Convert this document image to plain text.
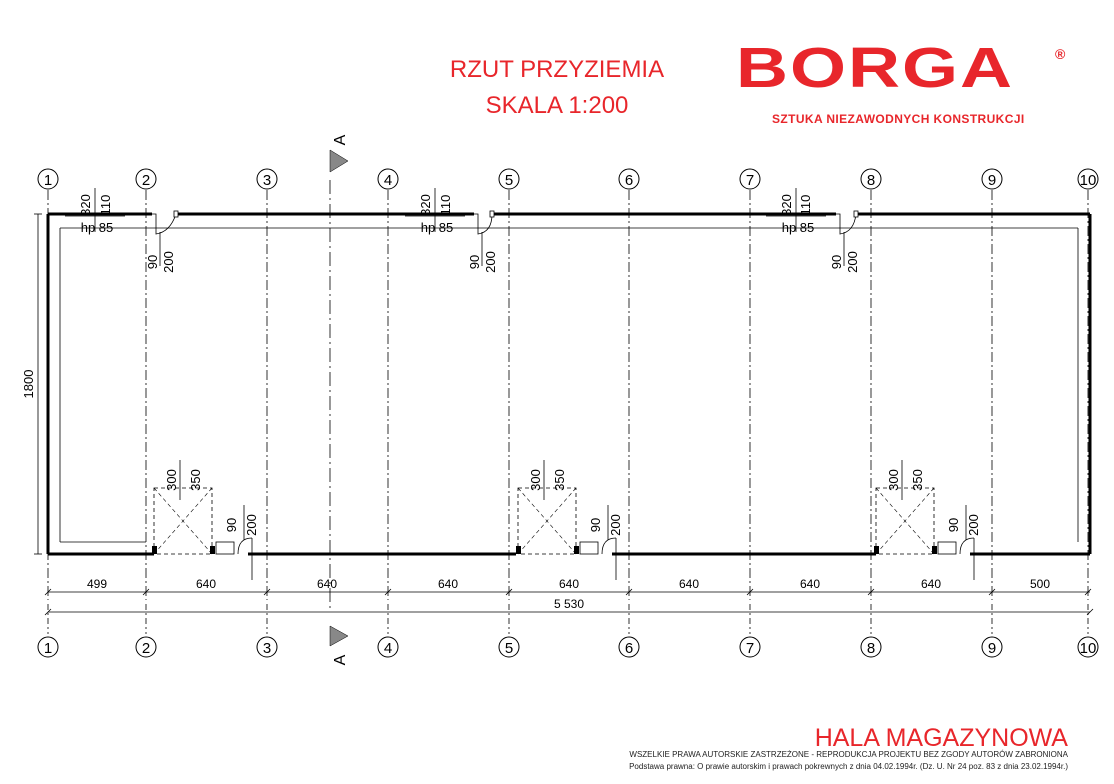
RZUT PRZYZIEMIA
SKALA 1:200
BORGA	®
SZTUKA NIEZAWODNYCH KONSTRUKCJI
HALA MAGAZYNOWA
WSZELKIE PRAWA AUTORSKIE ZASTRZEŻONE - REPRODUKCJA PROJEKTU BEZ ZGODY AUTORÓW ZABRONIONA
Podstawa prawna: O prawie autorskim i prawach pokrewnych z dnia 04.02.1994r. (Dz. U. Nr 24 poz. 83 z dnia 23.02.1994r.)
1
1
2
2
3
3
4
4
5
5
6
6
7
7
8
8
9
9
10
10
A
A
90 200	90 200	90 200
320 110
hp 85
320 110
hp 85
320 110
hp 85
300 350
90 200
300 350
90 200
300 350
90 200
1800
499	640	640	640	640	640	640	640	500
5 530
